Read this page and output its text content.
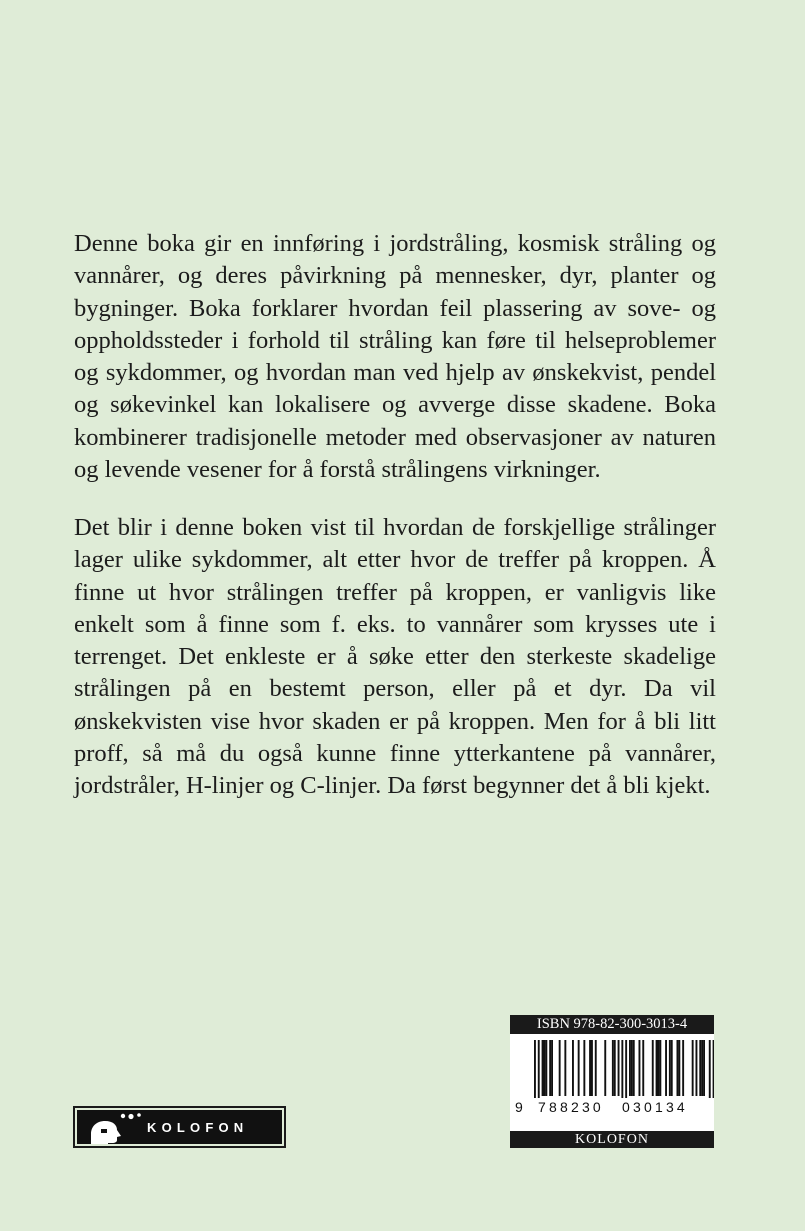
Denne boka gir en innføring i jordstråling, kosmisk stråling og vannårer, og deres påvirkning på mennesker, dyr, planter og bygninger. Boka forklarer hvordan feil plassering av sove- og oppholdssteder i forhold til stråling kan føre til helseproblemer og sykdommer, og hvordan man ved hjelp av ønskekvist, pendel og søkevinkel kan lokalisere og avverge disse skadene. Boka kombinerer tradisjonelle metoder med observasjoner av naturen og levende vesener for å forstå strålingens virkninger.

Det blir i denne boken vist til hvordan de forskjellige strålinger lager ulike sykdommer, alt etter hvor de treffer på kroppen. Å finne ut hvor strålingen treffer på kroppen, er vanligvis like enkelt som å finne som f. eks. to vannårer som krysses ute i terrenget. Det enkleste er å søke etter den sterkeste skadelige strålingen på en bestemt person, eller på et dyr. Da vil ønskekvisten vise hvor skaden er på kroppen. Men for å bli litt proff, så må du også kunne finne ytterkantene på vannårer, jordstråler, H-linjer og C-linjer. Da først begynner det å bli kjekt.

KOLOFON
ISBN 978-82-300-3013-4
9 788230 030134
KOLOFON
